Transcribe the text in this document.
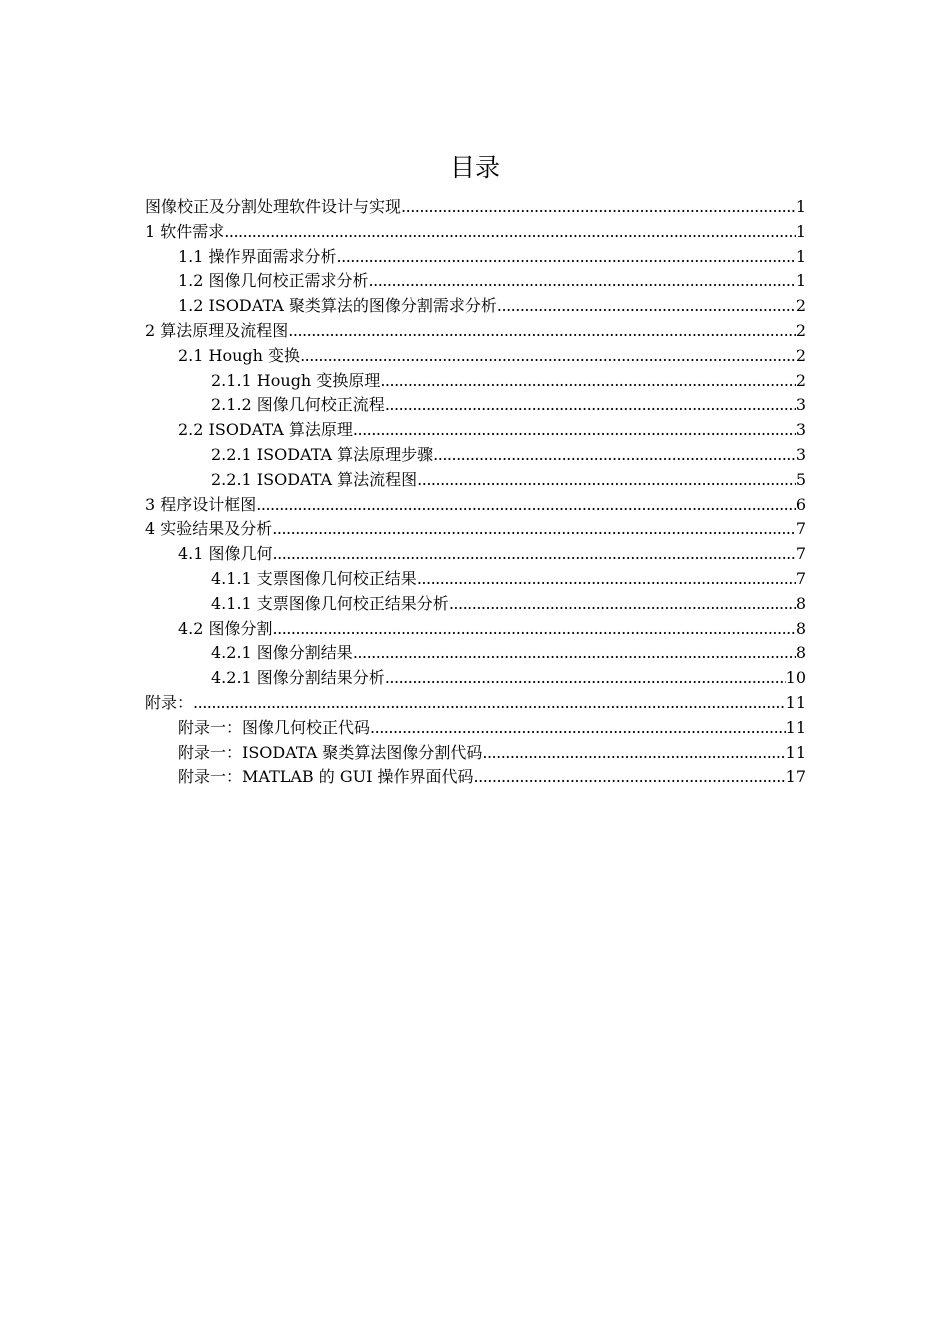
目录
图像校正及分割处理软件设计与实现 .....	1
1 软件需求 .....	1
1.1 操作界面需求分析 .....	1
1.2 图像几何校正需求分析 .....	1
1.2 ISODATA 聚类算法的图像分割需求分析 .....	2
2 算法原理及流程图 .....	2
2.1 Hough 变换 .....	2
2.1.1 Hough 变换原理 .....	2
2.1.2 图像几何校正流程 .....	3
2.2 ISODATA 算法原理 .....	3
2.2.1 ISODATA 算法原理步骤 .....	3
2.2.1 ISODATA 算法流程图 .....	5
3 程序设计框图 .....	6
4 实验结果及分析 .....	7
4.1 图像几何 .....	7
4.1.1 支票图像几何校正结果 .....	7
4.1.1 支票图像几何校正结果分析 .....	8
4.2 图像分割 .....	8
4.2.1 图像分割结果 .....	8
4.2.1 图像分割结果分析 .....	10
附录： .....	11
附录一：图像几何校正代码 .....	11
附录一：ISODATA 聚类算法图像分割代码 .....	11
附录一：MATLAB 的 GUI 操作界面代码 .....	17
